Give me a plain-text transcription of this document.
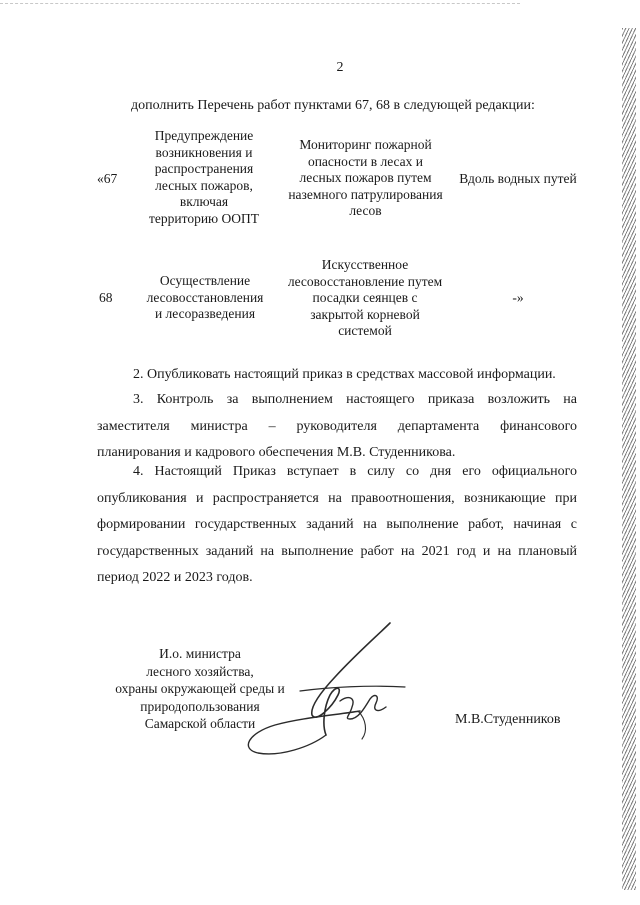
2
дополнить Перечень работ пунктами 67, 68 в следующей редакции:
«67
Предупреждение
возникновения и
распространения
лесных пожаров,
включая
территорию ООПТ
Мониторинг пожарной
опасности в лесах и
лесных пожаров путем
наземного патрулирования
лесов
Вдоль водных путей
68
Осуществление
лесовосстановления
и лесоразведения
Искусственное
лесовосстановление путем
посадки сеянцев с
закрытой корневой
системой
-»
2. Опубликовать настоящий приказ в средствах массовой информации.
3. Контроль за выполнением настоящего приказа возложить на заместителя министра – руководителя департамента финансового планирования и кадрового обеспечения М.В. Студенникова.
4. Настоящий Приказ вступает в силу со дня его официального опубликования и распространяется на правоотношения, возникающие при формировании государственных заданий на выполнение работ, начиная с государственных заданий на выполнение работ на 2021 год и на плановый период 2022 и 2023 годов.
И.о. министра
лесного хозяйства,
охраны окружающей среды и
природопользования
Самарской области	М.В.Студенников
